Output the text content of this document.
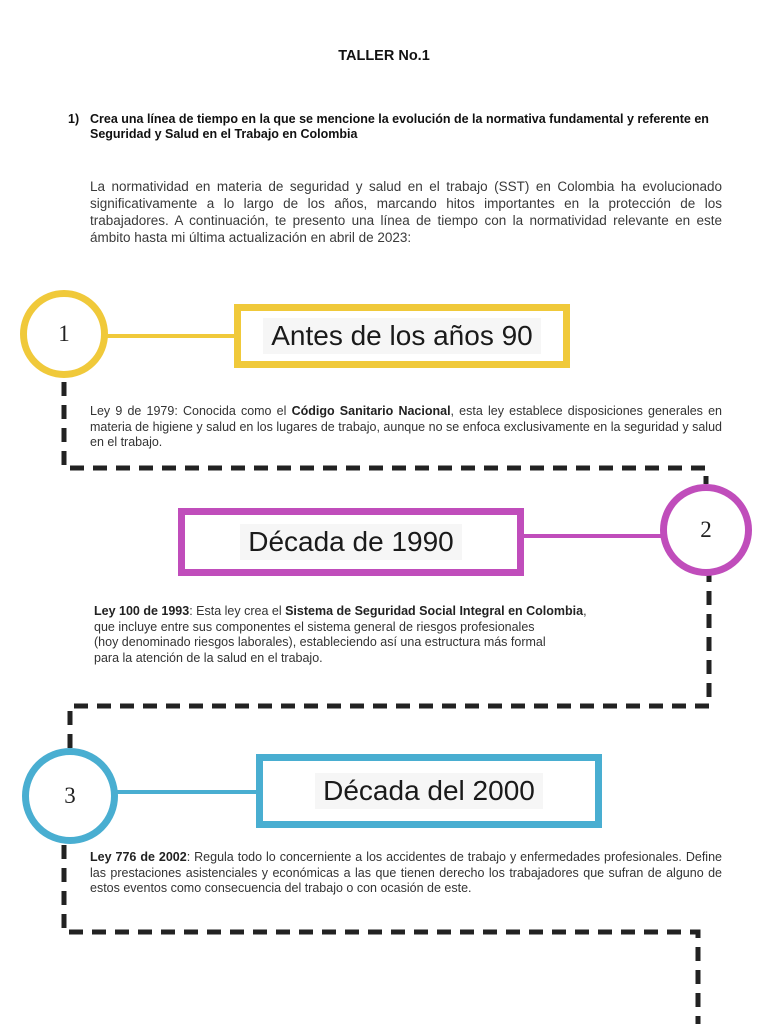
TALLER No.1
1) Crea una línea de tiempo en la que se mencione la evolución de la normativa fundamental y referente en Seguridad y Salud en el Trabajo en Colombia
La normatividad en materia de seguridad y salud en el trabajo (SST) en Colombia ha evolucionado significativamente a lo largo de los años, marcando hitos importantes en la protección de los trabajadores. A continuación, te presento una línea de tiempo con la normatividad relevante en este ámbito hasta mi última actualización en abril de 2023:
1	Antes de los años 90
Ley 9 de 1979: Conocida como el Código Sanitario Nacional, esta ley establece disposiciones generales en materia de higiene y salud en los lugares de trabajo, aunque no se enfoca exclusivamente en la seguridad y salud en el trabajo.
Década de 1990	2
Ley 100 de 1993: Esta ley crea el Sistema de Seguridad Social Integral en Colombia,
que incluye entre sus componentes el sistema general de riesgos profesionales
(hoy denominado riesgos laborales), estableciendo así una estructura más formal
para la atención de la salud en el trabajo.
3	Década del 2000
Ley 776 de 2002: Regula todo lo concerniente a los accidentes de trabajo y enfermedades profesionales. Define las prestaciones asistenciales y económicas a las que tienen derecho los trabajadores que sufran de alguno de estos eventos como consecuencia del trabajo o con ocasión de este.
